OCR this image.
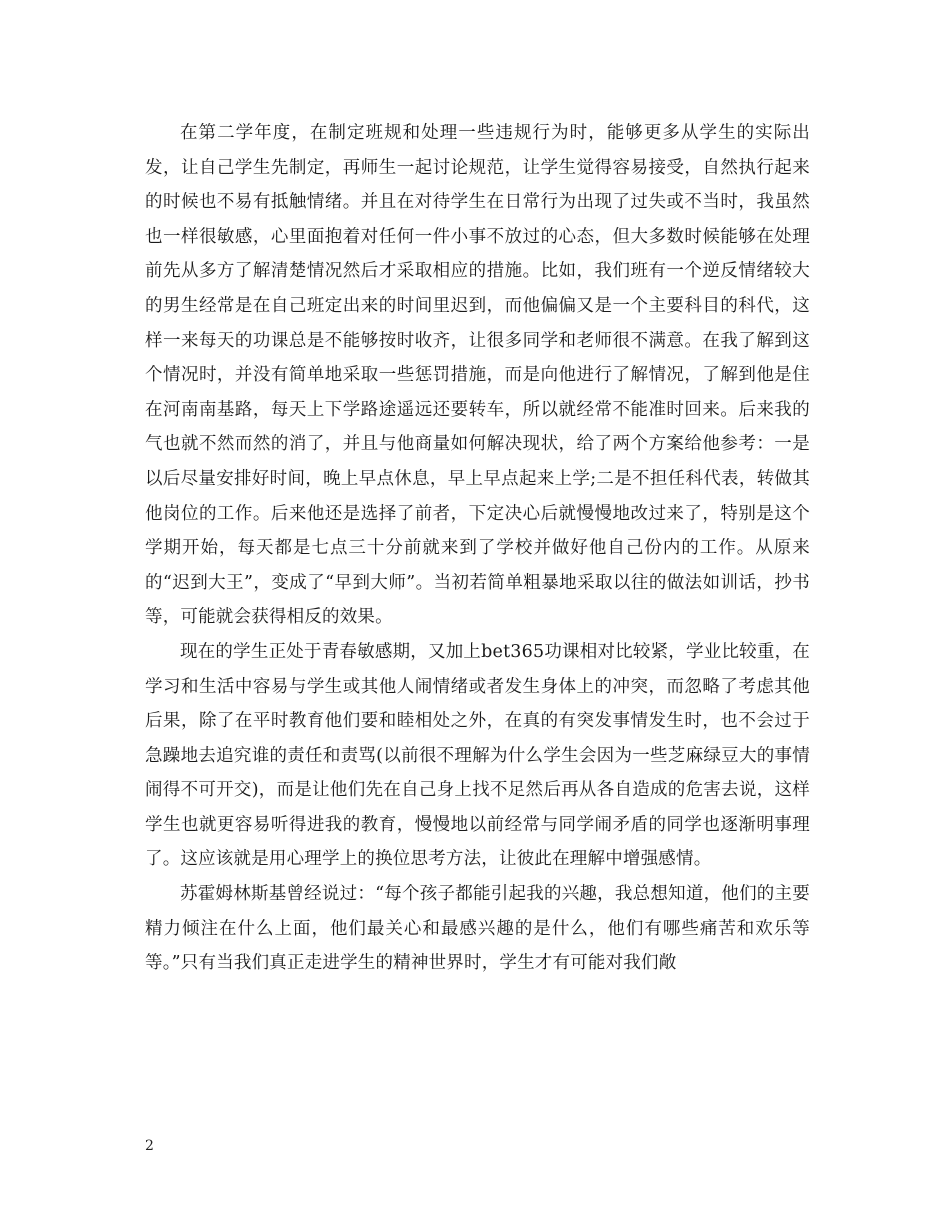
在第二学年度，在制定班规和处理一些违规行为时，能够更多从学生的实际出发，让自己学生先制定，再师生一起讨论规范，让学生觉得容易接受，自然执行起来的时候也不易有抵触情绪。并且在对待学生在日常行为出现了过失或不当时，我虽然也一样很敏感，心里面抱着对任何一件小事不放过的心态，但大多数时候能够在处理前先从多方了解清楚情况然后才采取相应的措施。比如，我们班有一个逆反情绪较大的男生经常是在自己班定出来的时间里迟到，而他偏偏又是一个主要科目的科代，这样一来每天的功课总是不能够按时收齐，让很多同学和老师很不满意。在我了解到这个情况时，并没有简单地采取一些惩罚措施，而是向他进行了解情况，了解到他是住在河南南基路，每天上下学路途遥远还要转车，所以就经常不能准时回来。后来我的气也就不然而然的消了，并且与他商量如何解决现状，给了两个方案给他参考：一是以后尽量安排好时间，晚上早点休息，早上早点起来上学;二是不担任科代表，转做其他岗位的工作。后来他还是选择了前者，下定决心后就慢慢地改过来了，特别是这个学期开始，每天都是七点三十分前就来到了学校并做好他自己份内的工作。从原来的“迟到大王”，变成了“早到大师”。当初若简单粗暴地采取以往的做法如训话，抄书等，可能就会获得相反的效果。

现在的学生正处于青春敏感期，又加上bet365功课相对比较紧，学业比较重，在学习和生活中容易与学生或其他人闹情绪或者发生身体上的冲突，而忽略了考虑其他后果，除了在平时教育他们要和睦相处之外，在真的有突发事情发生时，也不会过于急躁地去追究谁的责任和责骂(以前很不理解为什么学生会因为一些芝麻绿豆大的事情闹得不可开交)，而是让他们先在自己身上找不足然后再从各自造成的危害去说，这样学生也就更容易听得进我的教育，慢慢地以前经常与同学闹矛盾的同学也逐渐明事理了。这应该就是用心理学上的换位思考方法，让彼此在理解中增强感情。

苏霍姆林斯基曾经说过：“每个孩子都能引起我的兴趣，我总想知道，他们的主要精力倾注在什么上面，他们最关心和最感兴趣的是什么，他们有哪些痛苦和欢乐等等。”只有当我们真正走进学生的精神世界时，学生才有可能对我们敞

2
